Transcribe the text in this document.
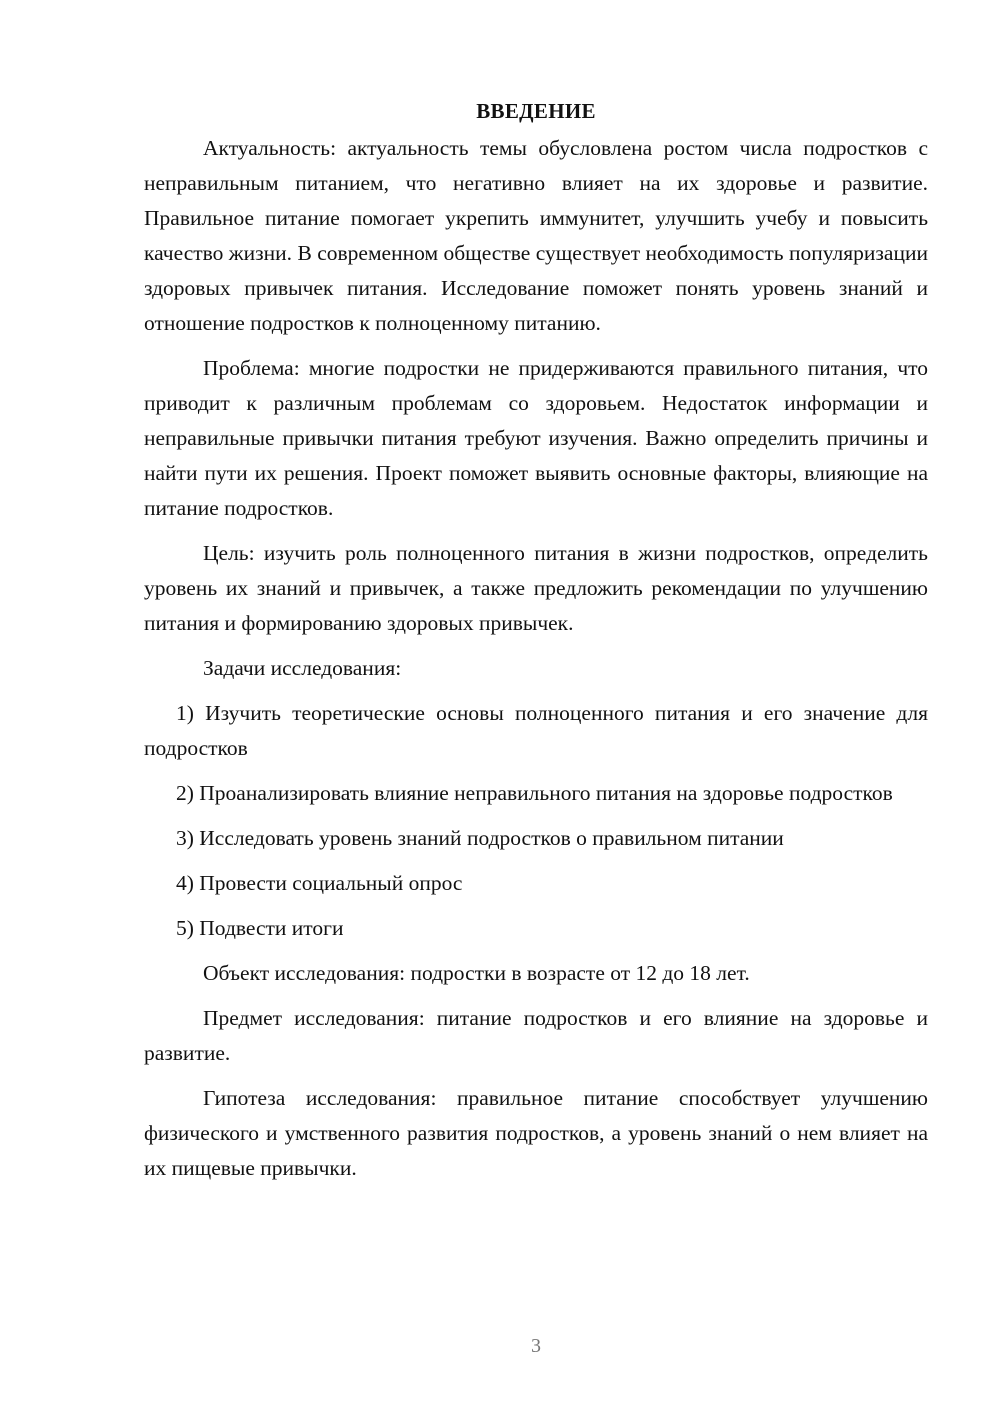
ВВЕДЕНИЕ

Актуальность: актуальность темы обусловлена ростом числа подростков с неправильным питанием, что негативно влияет на их здоровье и развитие. Правильное питание помогает укрепить иммунитет, улучшить учебу и повысить качество жизни. В современном обществе существует необходимость популяризации здоровых привычек питания. Исследование поможет понять уровень знаний и отношение подростков к полноценному питанию.

Проблема: многие подростки не придерживаются правильного питания, что приводит к различным проблемам со здоровьем. Недостаток информации и неправильные привычки питания требуют изучения. Важно определить причины и найти пути их решения. Проект поможет выявить основные факторы, влияющие на питание подростков.

Цель: изучить роль полноценного питания в жизни подростков, определить уровень их знаний и привычек, а также предложить рекомендации по улучшению питания и формированию здоровых привычек.

Задачи исследования:

1) Изучить теоретические основы полноценного питания и его значение для подростков

2) Проанализировать влияние неправильного питания на здоровье подростков

3) Исследовать уровень знаний подростков о правильном питании

4) Провести социальный опрос

5) Подвести итоги

Объект исследования: подростки в возрасте от 12 до 18 лет.

Предмет исследования: питание подростков и его влияние на здоровье и развитие.

Гипотеза исследования: правильное питание способствует улучшению физического и умственного развития подростков, а уровень знаний о нем влияет на их пищевые привычки.

3
